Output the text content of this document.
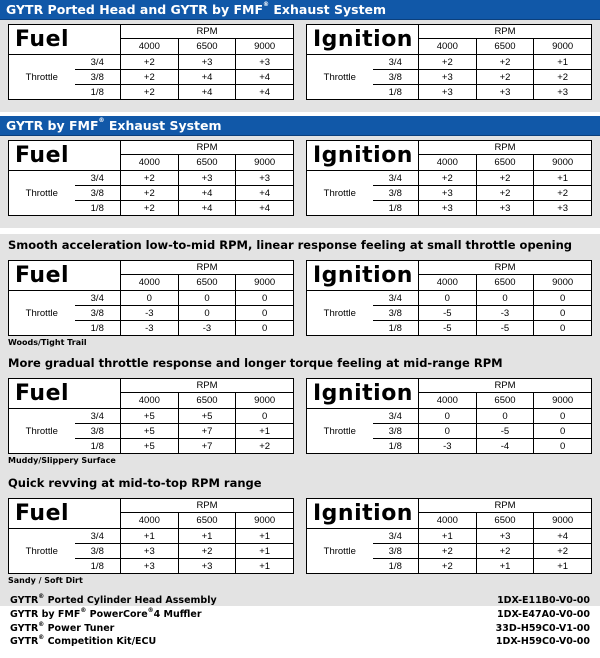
GYTR Ported Head and GYTR by FMF® Exhaust System
Fuel		RPM		
		4000	6500	9000
Throttle	3/4	+2	+3	+3
	3/8	+2	+4	+4
	1/8	+2	+4	+4
Ignition		RPM		
		4000	6500	9000
Throttle	3/4	+2	+2	+1
	3/8	+3	+2	+2
	1/8	+3	+3	+3
GYTR by FMF® Exhaust System
Fuel		RPM		
		4000	6500	9000
Throttle	3/4	+2	+3	+3
	3/8	+2	+4	+4
	1/8	+2	+4	+4
Ignition		RPM		
		4000	6500	9000
Throttle	3/4	+2	+2	+1
	3/8	+3	+2	+2
	1/8	+3	+3	+3
Smooth acceleration low-to-mid RPM, linear response feeling at small throttle opening
Fuel		RPM		
		4000	6500	9000
Throttle	3/4	0	0	0
	3/8	-3	0	0
	1/8	-3	-3	0
Ignition		RPM		
		4000	6500	9000
Throttle	3/4	0	0	0
	3/8	-5	-3	0
	1/8	-5	-5	0
Woods/Tight Trail
More gradual throttle response and longer torque feeling at mid-range RPM
Fuel		RPM		
		4000	6500	9000
Throttle	3/4	+5	+5	0
	3/8	+5	+7	+1
	1/8	+5	+7	+2
Ignition		RPM		
		4000	6500	9000
Throttle	3/4	0	0	0
	3/8	0	-5	0
	1/8	-3	-4	0
Muddy/Slippery Surface
Quick revving at mid-to-top RPM range
Fuel		RPM		
		4000	6500	9000
Throttle	3/4	+1	+1	+1
	3/8	+3	+2	+1
	1/8	+3	+3	+1
Ignition		RPM		
		4000	6500	9000
Throttle	3/4	+1	+3	+4
	3/8	+2	+2	+2
	1/8	+2	+1	+1
Sandy / Soft Dirt
GYTR® Ported Cylinder Head Assembly	1DX-E11B0-V0-00
GYTR by FMF® PowerCore®4 Muffler	1DX-E47A0-V0-00
GYTR® Power Tuner	33D-H59C0-V1-00
GYTR® Competition Kit/ECU	1DX-H59C0-V0-00
